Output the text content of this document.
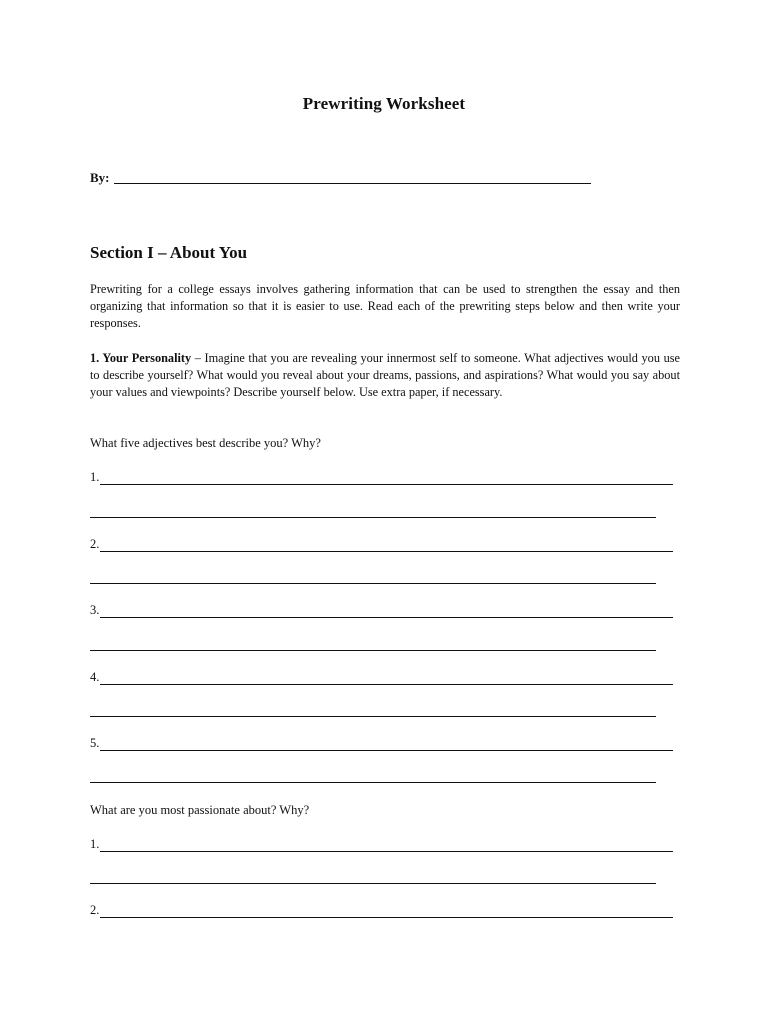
Prewriting Worksheet
By:
Section I – About You
Prewriting for a college essays involves gathering information that can be used to strengthen the essay and then organizing that information so that it is easier to use. Read each of the prewriting steps below and then write your responses.
1. Your Personality – Imagine that you are revealing your innermost self to someone. What adjectives would you use to describe yourself? What would you reveal about your dreams, passions, and aspirations? What would you say about your values and viewpoints? Describe yourself below. Use extra paper, if necessary.
What five adjectives best describe you? Why?
1.
2.
3.
4.
5.
What are you most passionate about? Why?
1.
2.
